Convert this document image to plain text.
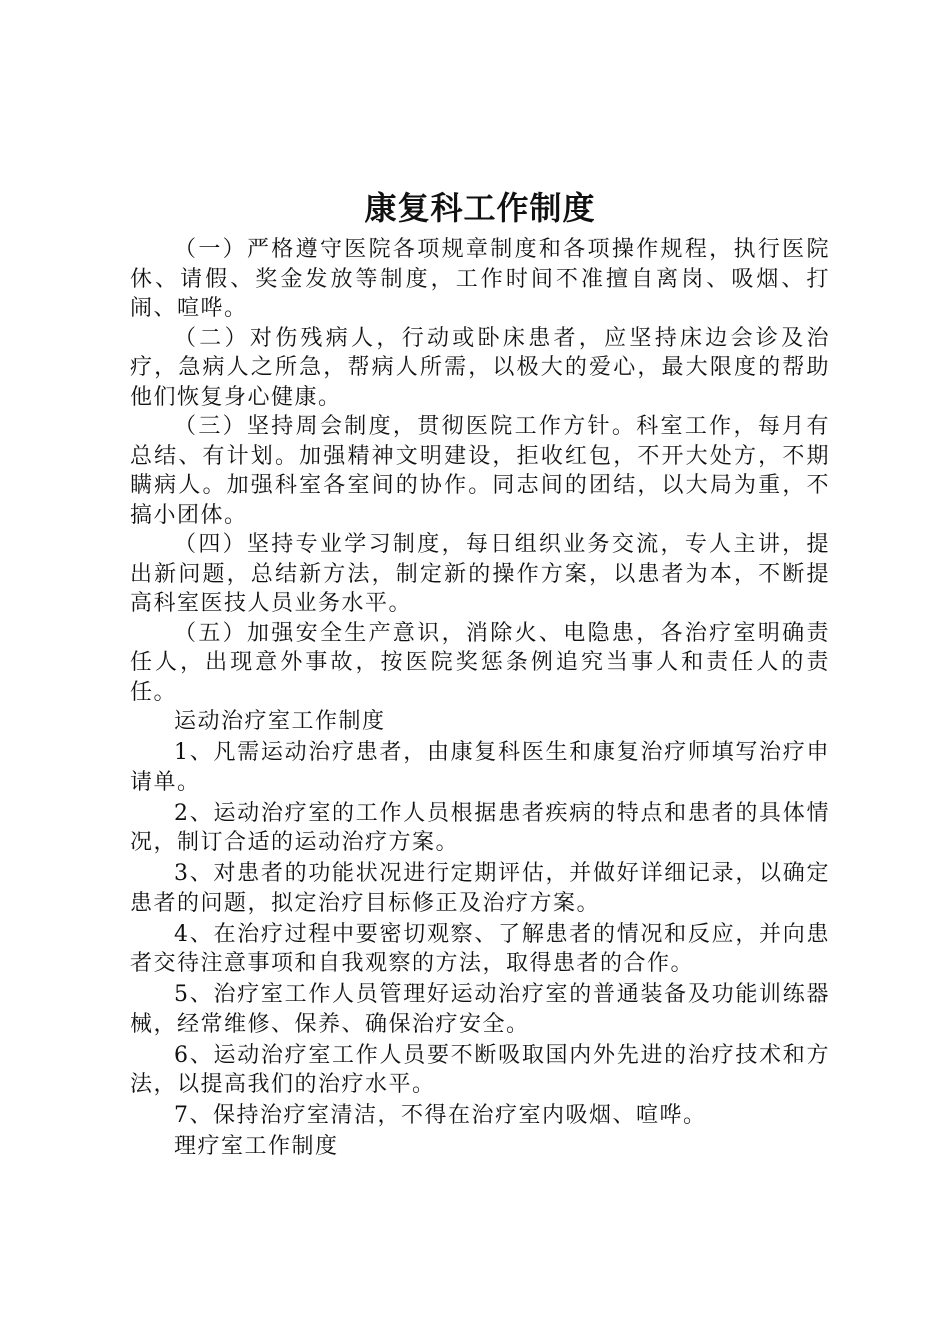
康复科工作制度

（一）严格遵守医院各项规章制度和各项操作规程，执行医院休、请假、奖金发放等制度，工作时间不准擅自离岗、吸烟、打闹、喧哗。

（二）对伤残病人，行动或卧床患者，应坚持床边会诊及治疗，急病人之所急，帮病人所需，以极大的爱心，最大限度的帮助他们恢复身心健康。

（三）坚持周会制度，贯彻医院工作方针。科室工作，每月有总结、有计划。加强精神文明建设，拒收红包，不开大处方，不期瞒病人。加强科室各室间的协作。同志间的团结，以大局为重，不搞小团体。

（四）坚持专业学习制度，每日组织业务交流，专人主讲，提出新问题，总结新方法，制定新的操作方案，以患者为本，不断提高科室医技人员业务水平。

（五）加强安全生产意识，消除火、电隐患，各治疗室明确责任人，出现意外事故，按医院奖惩条例追究当事人和责任人的责任。

运动治疗室工作制度

1、凡需运动治疗患者，由康复科医生和康复治疗师填写治疗申请单。

2、运动治疗室的工作人员根据患者疾病的特点和患者的具体情况，制订合适的运动治疗方案。

3、对患者的功能状况进行定期评估，并做好详细记录，以确定患者的问题，拟定治疗目标修正及治疗方案。

4、在治疗过程中要密切观察、了解患者的情况和反应，并向患者交待注意事项和自我观察的方法，取得患者的合作。

5、治疗室工作人员管理好运动治疗室的普通装备及功能训练器械，经常维修、保养、确保治疗安全。

6、运动治疗室工作人员要不断吸取国内外先进的治疗技术和方法，以提高我们的治疗水平。

7、保持治疗室清洁，不得在治疗室内吸烟、喧哗。

理疗室工作制度
